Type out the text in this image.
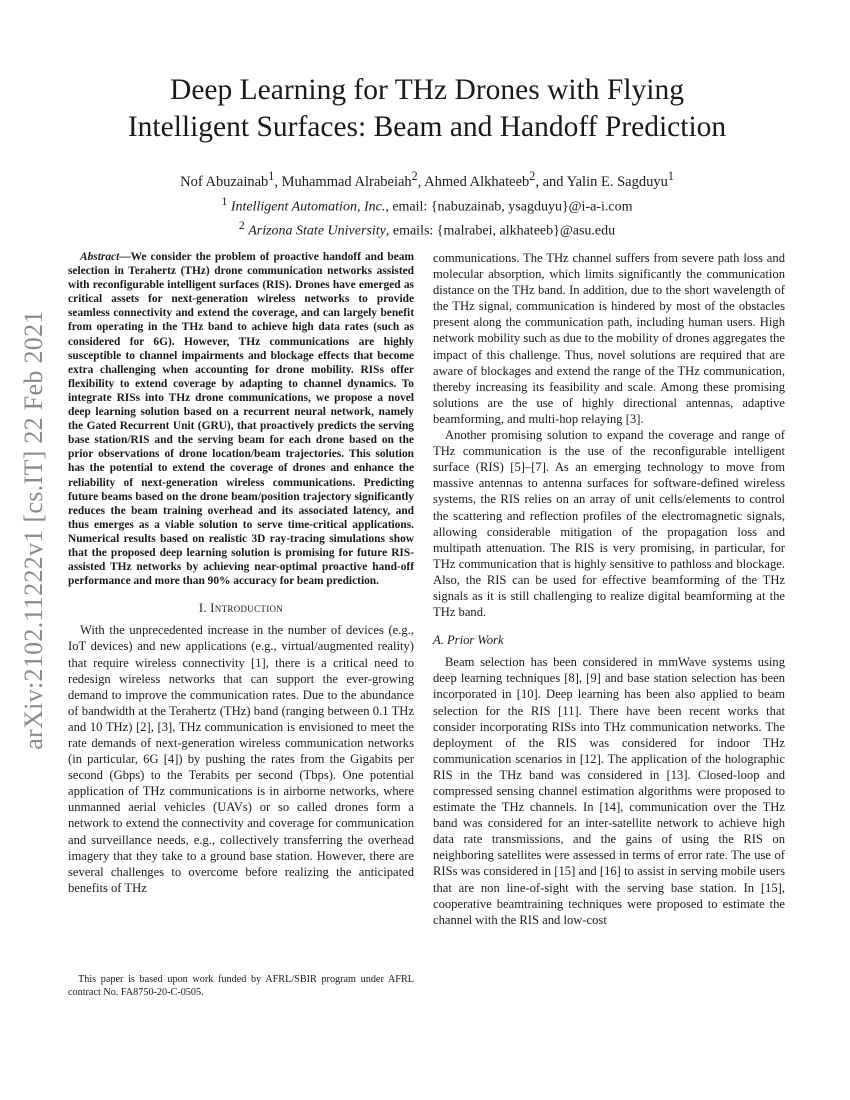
arXiv:2102.11222v1 [cs.IT] 22 Feb 2021
Deep Learning for THz Drones with Flying
Intelligent Surfaces: Beam and Handoff Prediction
Nof Abuzainab$^1$, Muhammad Alrabeiah$^2$, Ahmed Alkhateeb$^2$, and Yalin E. Sagduyu$^1$
$^1$ Intelligent Automation, Inc., email: {nabuzainab, ysagduyu}@i-a-i.com
$^2$ Arizona State University, emails: {malrabei, alkhateeb}@asu.edu

Abstract—We consider the problem of proactive handoff and beam selection in Terahertz (THz) drone communication networks assisted with reconfigurable intelligent surfaces (RIS). Drones have emerged as critical assets for next-generation wireless networks to provide seamless connectivity and extend the coverage, and can largely benefit from operating in the THz band to achieve high data rates (such as considered for 6G). However, THz communications are highly susceptible to channel impairments and blockage effects that become extra challenging when accounting for drone mobility. RISs offer flexibility to extend coverage by adapting to channel dynamics. To integrate RISs into THz drone communications, we propose a novel deep learning solution based on a recurrent neural network, namely the Gated Recurrent Unit (GRU), that proactively predicts the serving base station/RIS and the serving beam for each drone based on the prior observations of drone location/beam trajectories. This solution has the potential to extend the coverage of drones and enhance the reliability of next-generation wireless communications. Predicting future beams based on the drone beam/position trajectory significantly reduces the beam training overhead and its associated latency, and thus emerges as a viable solution to serve time-critical applications. Numerical results based on realistic 3D ray-tracing simulations show that the proposed deep learning solution is promising for future RIS-assisted THz networks by achieving near-optimal proactive hand-off performance and more than 90% accuracy for beam prediction.

I. Introduction

With the unprecedented increase in the number of devices (e.g., IoT devices) and new applications (e.g., virtual/augmented reality) that require wireless connectivity [1], there is a critical need to redesign wireless networks that can support the ever-growing demand to improve the communication rates. Due to the abundance of bandwidth at the Terahertz (THz) band (ranging between 0.1 THz and 10 THz) [2], [3], THz communication is envisioned to meet the rate demands of next-generation wireless communication networks (in particular, 6G [4]) by pushing the rates from the Gigabits per second (Gbps) to the Terabits per second (Tbps). One potential application of THz communications is in airborne networks, where unmanned aerial vehicles (UAVs) or so called drones form a network to extend the connectivity and coverage for communication and surveillance needs, e.g., collectively transferring the overhead imagery that they take to a ground base station. However, there are several challenges to overcome before realizing the anticipated benefits of THz

This paper is based upon work funded by AFRL/SBIR program under AFRL contract No. FA8750-20-C-0505.

communications. The THz channel suffers from severe path loss and molecular absorption, which limits significantly the communication distance on the THz band. In addition, due to the short wavelength of the THz signal, communication is hindered by most of the obstacles present along the communication path, including human users. High network mobility such as due to the mobility of drones aggregates the impact of this challenge. Thus, novel solutions are required that are aware of blockages and extend the range of the THz communication, thereby increasing its feasibility and scale. Among these promising solutions are the use of highly directional antennas, adaptive beamforming, and multi-hop relaying [3].

Another promising solution to expand the coverage and range of THz communication is the use of the reconfigurable intelligent surface (RIS) [5]–[7]. As an emerging technology to move from massive antennas to antenna surfaces for software-defined wireless systems, the RIS relies on an array of unit cells/elements to control the scattering and reflection profiles of the electromagnetic signals, allowing considerable mitigation of the propagation loss and multipath attenuation. The RIS is very promising, in particular, for THz communication that is highly sensitive to pathloss and blockage. Also, the RIS can be used for effective beamforming of the THz signals as it is still challenging to realize digital beamforming at the THz band.

A. Prior Work

Beam selection has been considered in mmWave systems using deep learning techniques [8], [9] and base station selection has been incorporated in [10]. Deep learning has been also applied to beam selection for the RIS [11]. There have been recent works that consider incorporating RISs into THz communication networks. The deployment of the RIS was considered for indoor THz communication scenarios in [12]. The application of the holographic RIS in the THz band was considered in [13]. Closed-loop and compressed sensing channel estimation algorithms were proposed to estimate the THz channels. In [14], communication over the THz band was considered for an inter-satellite network to achieve high data rate transmissions, and the gains of using the RIS on neighboring satellites were assessed in terms of error rate. The use of RISs was considered in [15] and [16] to assist in serving mobile users that are non line-of-sight with the serving base station. In [15], cooperative beamtraining techniques were proposed to estimate the channel with the RIS and low-cost
